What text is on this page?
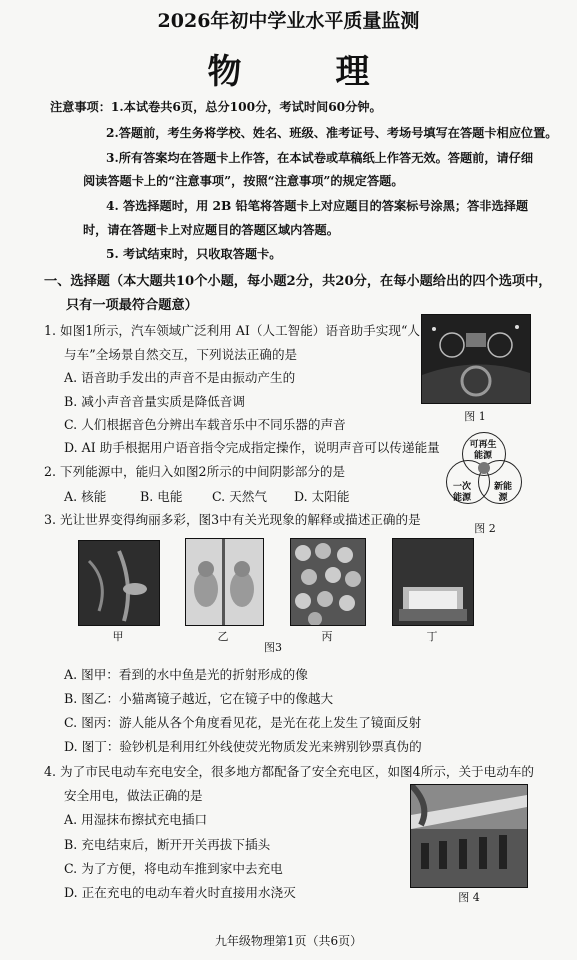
2026年初中学业水平质量监测
物　理
注意事项：1.本试卷共6页，总分100分，考试时间60分钟。
2.答题前，考生务将学校、姓名、班级、准考证号、考场号填写在答题卡相应位置。
3.所有答案均在答题卡上作答，在本试卷或草稿纸上作答无效。答题前，请仔细
阅读答题卡上的“注意事项”，按照“注意事项”的规定答题。
4. 答选择题时，用 2B 铅笔将答题卡上对应题目的答案标号涂黑；答非选择题
时，请在答题卡上对应题目的答题区域内答题。
5. 考试结束时，只收取答题卡。
一、选择题（本大题共10个小题，每小题2分，共20分，在每小题给出的四个选项中，
只有一项最符合题意）
1. 如图1所示，汽车领域广泛利用 AI（人工智能）语音助手实现“人
与车”全场景自然交互，下列说法正确的是
A. 语音助手发出的声音不是由振动产生的
B. 减小声音音量实质是降低音调
C. 人们根据音色分辨出车载音乐中不同乐器的声音
D. AI 助手根据用户语音指令完成指定操作，说明声音可以传递能量
图 1
2. 下列能源中，能归入如图2所示的中间阴影部分的是
A. 核能	B. 电能 C. 天然气 D. 太阳能
可再生能源
一次能源
新能源
图 2
3. 光让世界变得绚丽多彩，图3中有关光现象的解释或描述正确的是
甲	乙	丙	丁
图3
A. 图甲：看到的水中鱼是光的折射形成的像
B. 图乙：小猫离镜子越近，它在镜子中的像越大
C. 图丙：游人能从各个角度看见花，是光在花上发生了镜面反射
D. 图丁：验钞机是利用红外线使荧光物质发光来辨别钞票真伪的
4. 为了市民电动车充电安全，很多地方都配备了安全充电区，如图4所示，关于电动车的
安全用电，做法正确的是
A. 用湿抹布擦拭充电插口
B. 充电结束后，断开开关再拔下插头
C. 为了方便，将电动车推到家中去充电
D. 正在充电的电动车着火时直接用水浇灭	图 4
九年级物理第1页（共6页）
